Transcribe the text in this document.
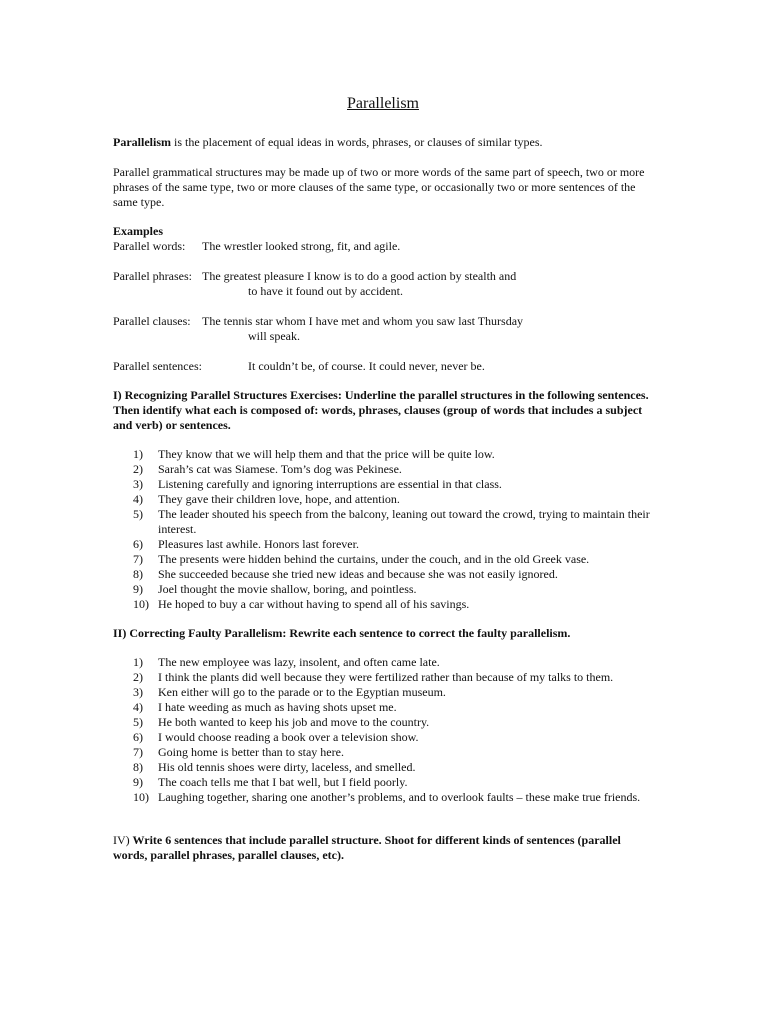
Parallelism
Parallelism is the placement of equal ideas in words, phrases, or clauses of similar types.
Parallel grammatical structures may be made up of two or more words of the same part of speech, two or more phrases of the same type, two or more clauses of the same type, or occasionally two or more sentences of the same type.
Examples
Parallel words: The wrestler looked strong, fit, and agile.
Parallel phrases: The greatest pleasure I know is to do a good action by stealth and
to have it found out by accident.
Parallel clauses: The tennis star whom I have met and whom you saw last Thursday
will speak.
Parallel sentences:	It couldn’t be, of course. It could never, never be.
I) Recognizing Parallel Structures Exercises: Underline the parallel structures in the following sentences. Then identify what each is composed of: words, phrases, clauses (group of words that includes a subject and verb) or sentences.
1)	They know that we will help them and that the price will be quite low.
2)	Sarah’s cat was Siamese. Tom’s dog was Pekinese.
3)	Listening carefully and ignoring interruptions are essential in that class.
4)	They gave their children love, hope, and attention.
5)	The leader shouted his speech from the balcony, leaning out toward the crowd, trying to maintain their interest.
6)	Pleasures last awhile. Honors last forever.
7)	The presents were hidden behind the curtains, under the couch, and in the old Greek vase.
8)	She succeeded because she tried new ideas and because she was not easily ignored.
9)	Joel thought the movie shallow, boring, and pointless.
10) He hoped to buy a car without having to spend all of his savings.
II) Correcting Faulty Parallelism: Rewrite each sentence to correct the faulty parallelism.
1)	The new employee was lazy, insolent, and often came late.
2)	I think the plants did well because they were fertilized rather than because of my talks to them.
3)	Ken either will go to the parade or to the Egyptian museum.
4)	I hate weeding as much as having shots upset me.
5)	He both wanted to keep his job and move to the country.
6)	I would choose reading a book over a television show.
7)	Going home is better than to stay here.
8)	His old tennis shoes were dirty, laceless, and smelled.
9)	The coach tells me that I bat well, but I field poorly.
10) Laughing together, sharing one another’s problems, and to overlook faults – these make true friends.
IV) Write 6 sentences that include parallel structure. Shoot for different kinds of sentences (parallel words, parallel phrases, parallel clauses, etc).
